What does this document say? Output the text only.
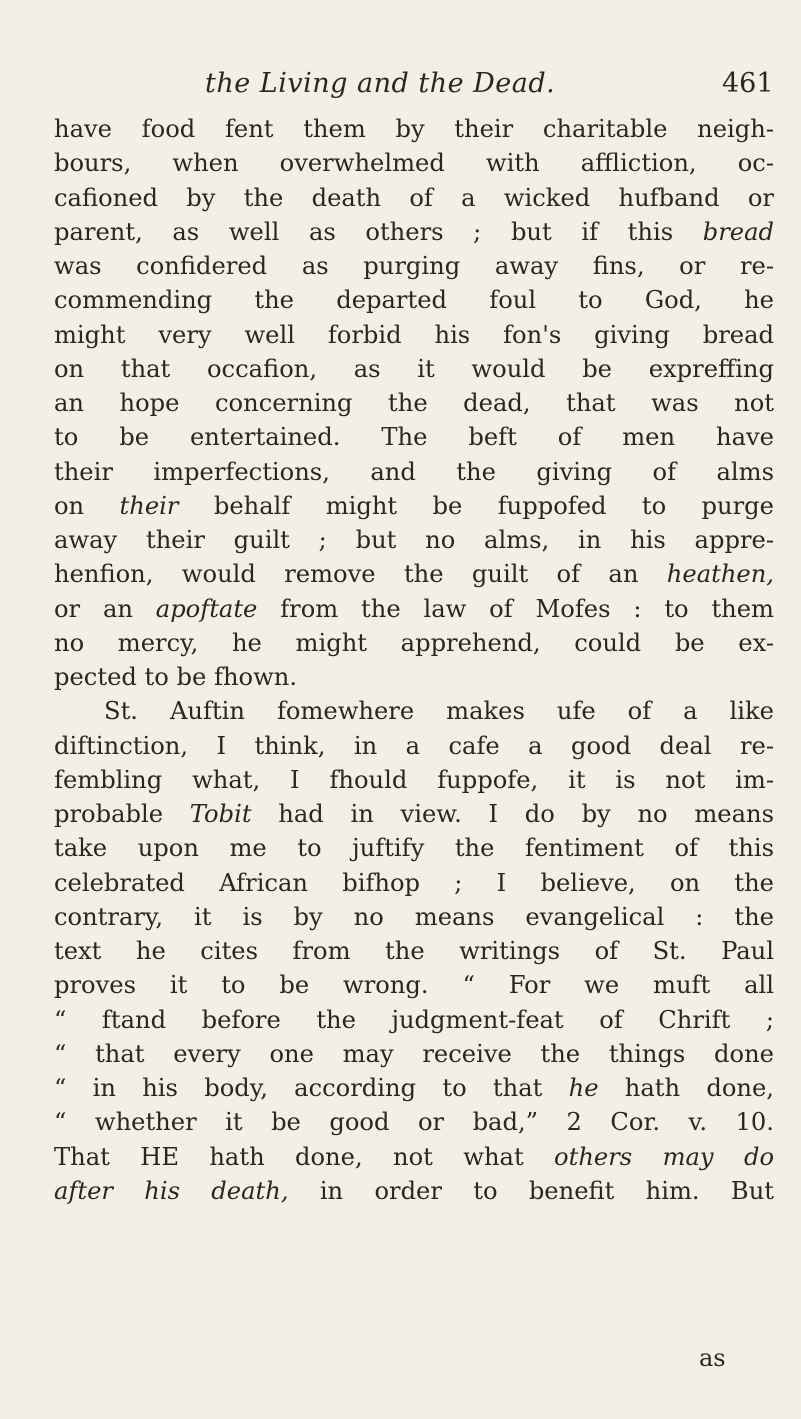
the Living and the Dead.	461
have food fent them by their charitable neigh-
bours, when overwhelmed with affliction, oc-
cafioned by the death of a wicked hufband or
parent, as well as others ; but if this bread
was confidered as purging away fins, or re-
commending the departed foul to God, he
might very well forbid his fon's giving bread
on that occafion, as it would be expreffing
an hope concerning the dead, that was not
to be entertained. The beft of men have
their imperfections, and the giving of alms
on their behalf might be fuppofed to purge
away their guilt ; but no alms, in his appre-
henfion, would remove the guilt of an heathen,
or an apoftate from the law of Mofes : to them
no mercy, he might apprehend, could be ex-
pected to be fhown.
St. Auftin fomewhere makes ufe of a like
diftinction, I think, in a cafe a good deal re-
fembling what, I fhould fuppofe, it is not im-
probable Tobit had in view. I do by no means
take upon me to juftify the fentiment of this
celebrated African bifhop ; I believe, on the
contrary, it is by no means evangelical : the
text he cites from the writings of St. Paul
proves it to be wrong. “ For we muft all
“ ftand before the judgment-feat of Chrift ;
“ that every one may receive the things done
“ in his body, according to that he hath done,
“ whether it be good or bad,” 2 Cor. v. 10.
That HE hath done, not what others may do
after his death, in order to benefit him. But
as
